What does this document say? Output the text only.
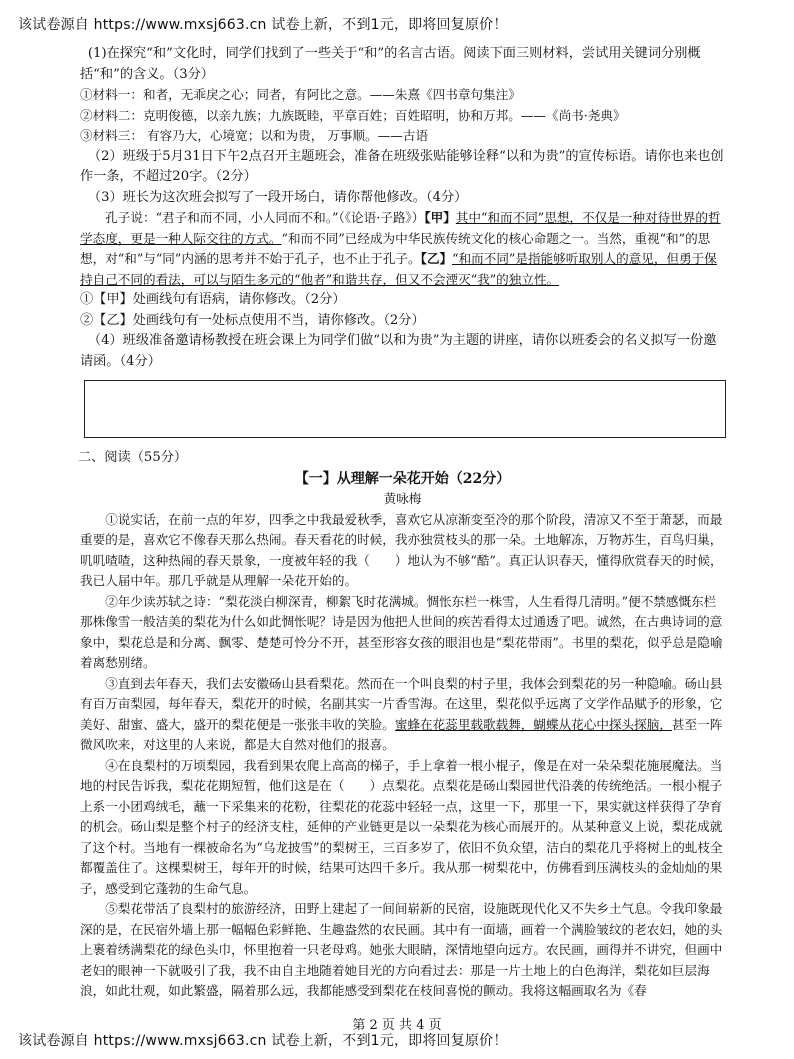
该试卷源自 https://www.mxsj663.cn 试卷上新，不到1元，即将回复原价！

(1)在探究“和”文化时，同学们找到了一些关于“和”的名言古语。阅读下面三则材料，尝试用关键词分别概括“和”的含义。（3分）

①材料一：和者，无乖戾之心；同者，有阿比之意。——朱熹《四书章句集注》

②材料二：克明俊德，以亲九族；九族既睦，平章百姓；百姓昭明，协和万邦。——《尚书·尧典》

③材料三： 有容乃大，心境宽；以和为贵， 万事顺。——古语

（2）班级于5月31日下午2点召开主题班会，准备在班级张贴能够诠释“以和为贵”的宣传标语。请你也来也创作一条，不超过20字。（2分）

（3）班长为这次班会拟写了一段开场白，请你帮他修改。（4分）

孔子说：“君子和而不同，小人同而不和。”（《论语·子路》）【甲】其中“和而不同”思想，不仅是一种对待世界的哲学态度，更是一种人际交往的方式。“和而不同”已经成为中华民族传统文化的核心命题之一。当然，重视“和”的思想，对“和”与“同”内涵的思考并不始于孔子，也不止于孔子。【乙】“和而不同”是指能够听取别人的意见，但勇于保持自己不同的看法，可以与陌生多元的“他者”和谐共存，但又不会湮灭“我”的独立性。

①【甲】处画线句有语病，请你修改。（2分）

②【乙】处画线句有一处标点使用不当，请你修改。（2分）

（4）班级准备邀请杨教授在班会课上为同学们做“以和为贵”为主题的讲座，请你以班委会的名义拟写一份邀请函。（4分）

二、阅读（55分）

【一】从理解一朵花开始（22分）

黄咏梅

①说实话，在前一点的年岁，四季之中我最爱秋季，喜欢它从凉渐变至冷的那个阶段，清凉又不至于萧瑟，而最重要的是，喜欢它不像春天那么热闹。春天看花的时候，我亦独赏枝头的那一朵。土地解冻，万物苏生，百鸟归巢，叽叽喳喳，这种热闹的春天景象，一度被年轻的我（　　）地认为不够“酷”。真正认识春天，懂得欣赏春天的时候，我已人届中年。那几乎就是从理解一朵花开始的。

②年少读苏轼之诗：“梨花淡白柳深青，柳絮飞时花满城。惆怅东栏一株雪，人生看得几清明。”便不禁感慨东栏那株像雪一般洁美的梨花为什么如此惆怅呢？诗是因为他把人世间的疾苦看得太过通透了吧。诚然，在古典诗词的意象中，梨花总是和分离、飘零、楚楚可怜分不开，甚至形容女孩的眼泪也是“梨花带雨”。书里的梨花，似乎总是隐喻着离愁别绪。

③直到去年春天，我们去安徽砀山县看梨花。然而在一个叫良梨的村子里，我体会到梨花的另一种隐喻。砀山县有百万亩梨园，每年春天，梨花开的时候，名副其实一片香雪海。在这里，梨花似乎远离了文学作品赋予的形象，它美好、甜蜜、盛大，盛开的梨花便是一张张丰收的笑脸。蜜蜂在花蕊里载歌载舞，蝴蝶从花心中探头探脑，甚至一阵微风吹来，对这里的人来说，都是大自然对他们的报喜。

④在良梨村的万顷梨园，我看到果农爬上高高的梯子，手上拿着一根小棍子，像是在对一朵朵梨花施展魔法。当地的村民告诉我，梨花花期短暂，他们这是在（　　）点梨花。点梨花是砀山梨园世代沿袭的传统绝活。一根小棍子上系一小团鸡绒毛，蘸一下采集来的花粉，往梨花的花蕊中轻轻一点，这里一下，那里一下，果实就这样获得了孕育的机会。砀山梨是整个村子的经济支柱，延伸的产业链更是以一朵梨花为核心而展开的。从某种意义上说，梨花成就了这个村。当地有一棵被命名为“乌龙披雪”的梨树王，三百多岁了，依旧不负众望，洁白的梨花几乎将树上的虬枝全都覆盖住了。这棵梨树王，每年开的时候，结果可达四千多斤。我从那一树梨花中，仿佛看到压满枝头的金灿灿的果子，感受到它蓬勃的生命气息。

⑤梨花带活了良梨村的旅游经济，田野上建起了一间间崭新的民宿，设施既现代化又不失乡土气息。令我印象最深的是，在民宿外墙上那一幅幅色彩鲜艳、生趣盎然的农民画。其中有一面墙，画着一个满脸皱纹的老农妇，她的头上裹着绣满梨花的绿色头巾，怀里抱着一只老母鸡。她张大眼睛，深情地望向远方。农民画，画得并不讲究，但画中老妇的眼神一下就吸引了我，我不由自主地随着她目光的方向看过去：那是一片土地上的白色海洋，梨花如巨层海浪，如此壮观，如此繁盛，隔着那么远，我都能感受到梨花在枝间喜悦的颤动。我将这幅画取名为《春

第 2 页 共 4 页
该试卷源自 https://www.mxsj663.cn 试卷上新，不到1元，即将回复原价！
